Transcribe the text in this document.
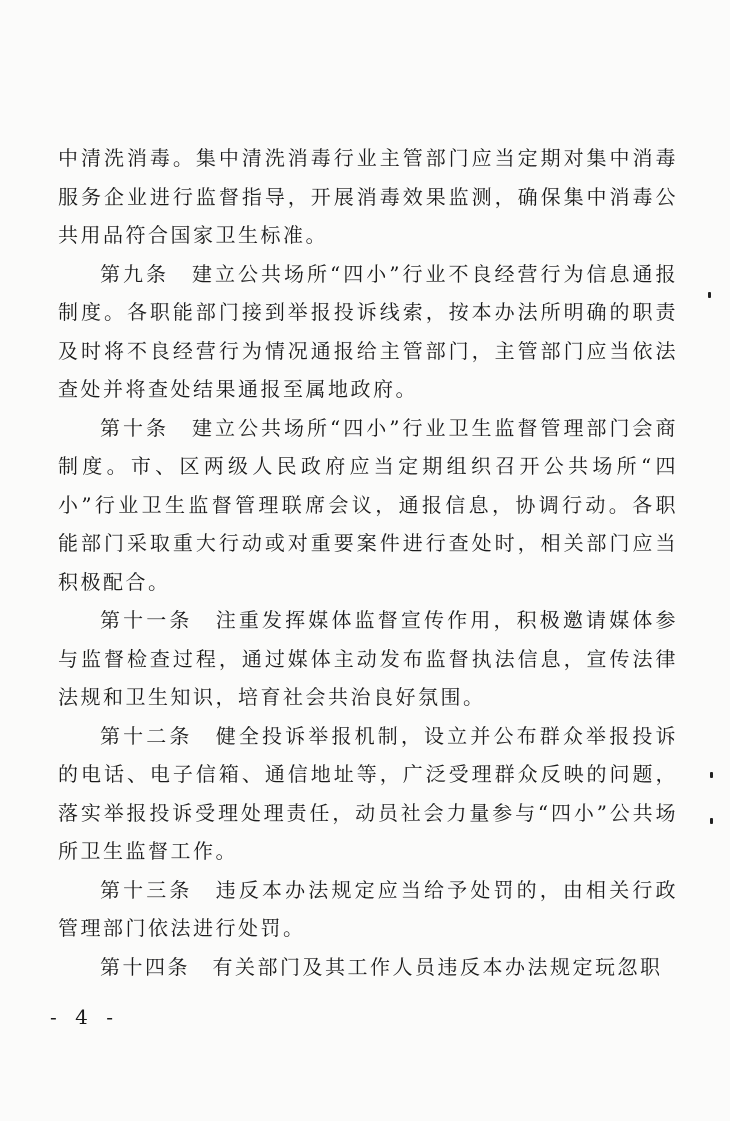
中清洗消毒。集中清洗消毒行业主管部门应当定期对集中消毒服务企业进行监督指导，开展消毒效果监测，确保集中消毒公共用品符合国家卫生标准。

第九条　建立公共场所“四小”行业不良经营行为信息通报制度。各职能部门接到举报投诉线索，按本办法所明确的职责及时将不良经营行为情况通报给主管部门，主管部门应当依法查处并将查处结果通报至属地政府。

第十条　建立公共场所“四小”行业卫生监督管理部门会商制度。市、区两级人民政府应当定期组织召开公共场所“四小”行业卫生监督管理联席会议，通报信息，协调行动。各职能部门采取重大行动或对重要案件进行查处时，相关部门应当积极配合。

第十一条　注重发挥媒体监督宣传作用，积极邀请媒体参与监督检查过程，通过媒体主动发布监督执法信息，宣传法律法规和卫生知识，培育社会共治良好氛围。

第十二条　健全投诉举报机制，设立并公布群众举报投诉的电话、电子信箱、通信地址等，广泛受理群众反映的问题，落实举报投诉受理处理责任，动员社会力量参与“四小”公共场所卫生监督工作。

第十三条　违反本办法规定应当给予处罚的，由相关行政管理部门依法进行处罚。

第十四条　有关部门及其工作人员违反本办法规定玩忽职

- 4 -
